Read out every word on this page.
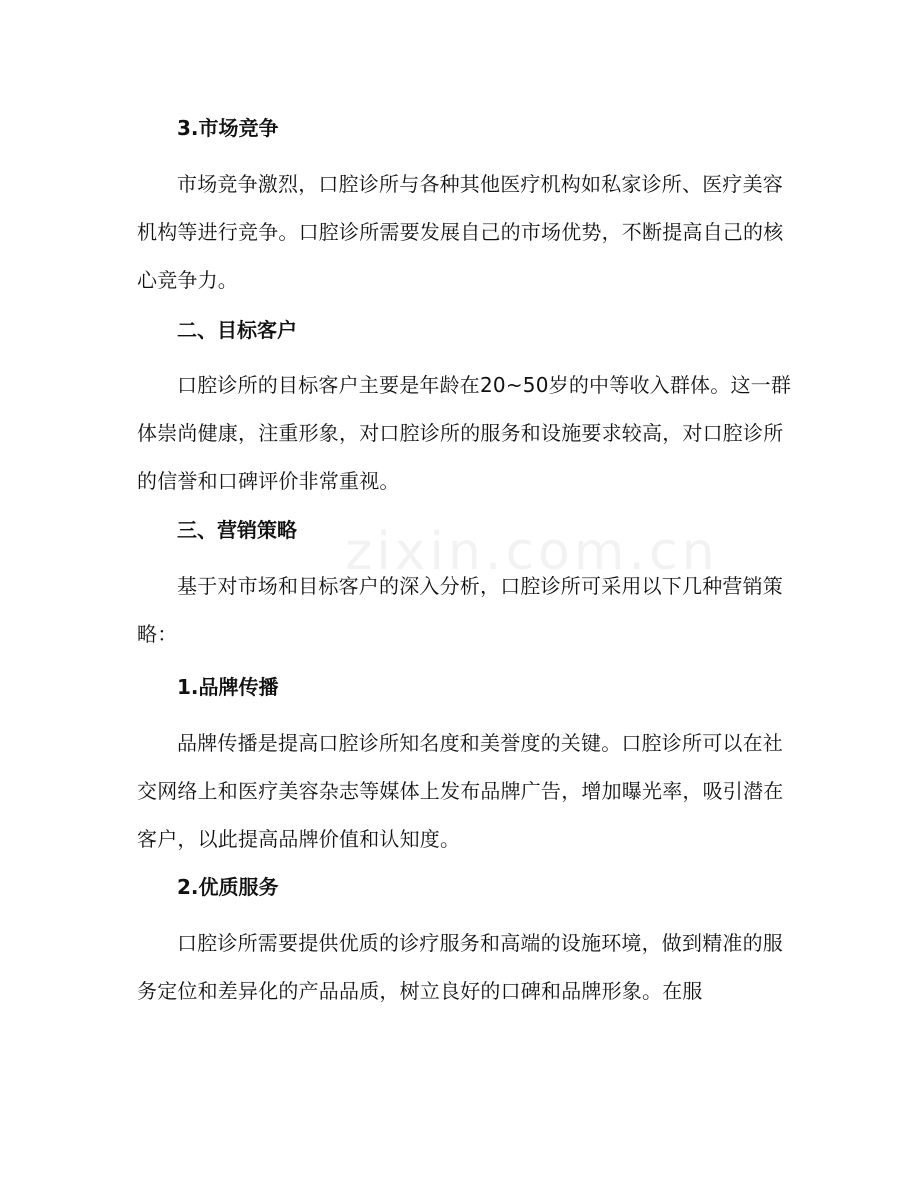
zixin.com.cn
3.市场竞争
市场竞争激烈，口腔诊所与各种其他医疗机构如私家诊所、医疗美容机构等进行竞争。口腔诊所需要发展自己的市场优势，不断提高自己的核心竞争力。
二、目标客户
口腔诊所的目标客户主要是年龄在20~50岁的中等收入群体。这一群体崇尚健康，注重形象，对口腔诊所的服务和设施要求较高，对口腔诊所的信誉和口碑评价非常重视。
三、营销策略
基于对市场和目标客户的深入分析，口腔诊所可采用以下几种营销策略：
1.品牌传播
品牌传播是提高口腔诊所知名度和美誉度的关键。口腔诊所可以在社交网络上和医疗美容杂志等媒体上发布品牌广告，增加曝光率，吸引潜在客户，以此提高品牌价值和认知度。
2.优质服务
口腔诊所需要提供优质的诊疗服务和高端的设施环境，做到精准的服务定位和差异化的产品品质，树立良好的口碑和品牌形象。在服
